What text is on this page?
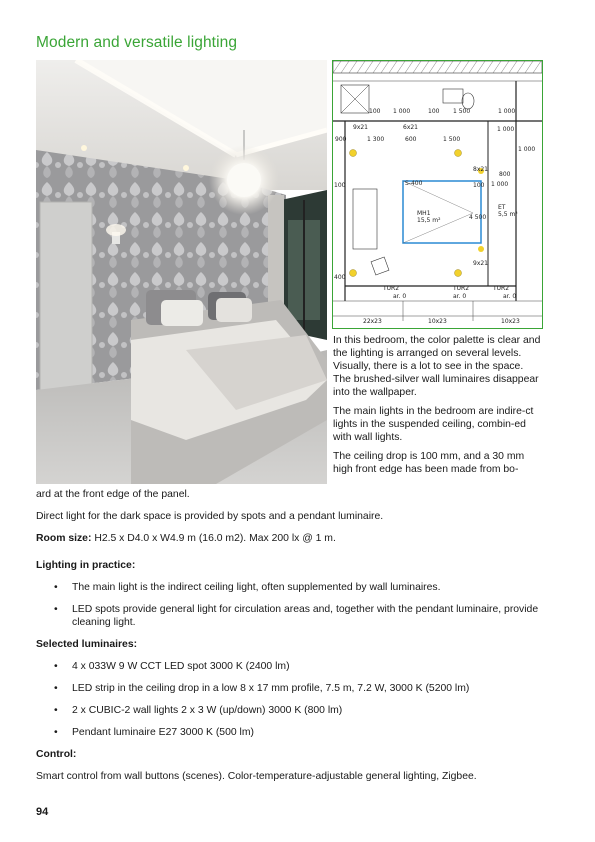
Modern and versatile lighting
100 1 000	100 1 500	1 000
900	1 300	600	1 500
S-400
MH1
15,5 m²
ET
5,5 m²
TUR2	TUR2	TUR2
22x23	10x23	10x23
ar. 0	ar. 0	ar. 0
4 500
1 000
1 000
800
1 000
6x21
8x21
9x21
9x21
100	100
400

In this bedroom, the color palette is clear and the lighting is arranged on several levels. Visually, there is a lot to see in the space. The brushed-silver wall luminaires disappear into the wallpaper.

The main lights in the bedroom are indire-ct lights in the suspended ceiling, combin-ed with wall lights.

The ceiling drop is 100 mm, and a 30 mm high front edge has been made from bo-

ard at the front edge of the panel.

Direct light for the dark space is provided by spots and a pendant luminaire.

Room size: H2.5 x D4.0 x W4.9 m (16.0 m2). Max 200 lx @ 1 m.

Lighting in practice:

• The main light is the indirect ceiling light, often supplemented by wall luminaires.
• LED spots provide general light for circulation areas and, together with the pendant luminaire, provide cleaning light.

Selected luminaires:

• 4 x 033W 9 W CCT LED spot 3000 K (2400 lm)
• LED strip in the ceiling drop in a low 8 x 17 mm profile, 7.5 m, 7.2 W, 3000 K (5200 lm)
• 2 x CUBIC-2 wall lights 2 x 3 W (up/down) 3000 K (800 lm)
• Pendant luminaire E27 3000 K (500 lm)

Control:

Smart control from wall buttons (scenes). Color-temperature-adjustable general lighting, Zigbee.

94
